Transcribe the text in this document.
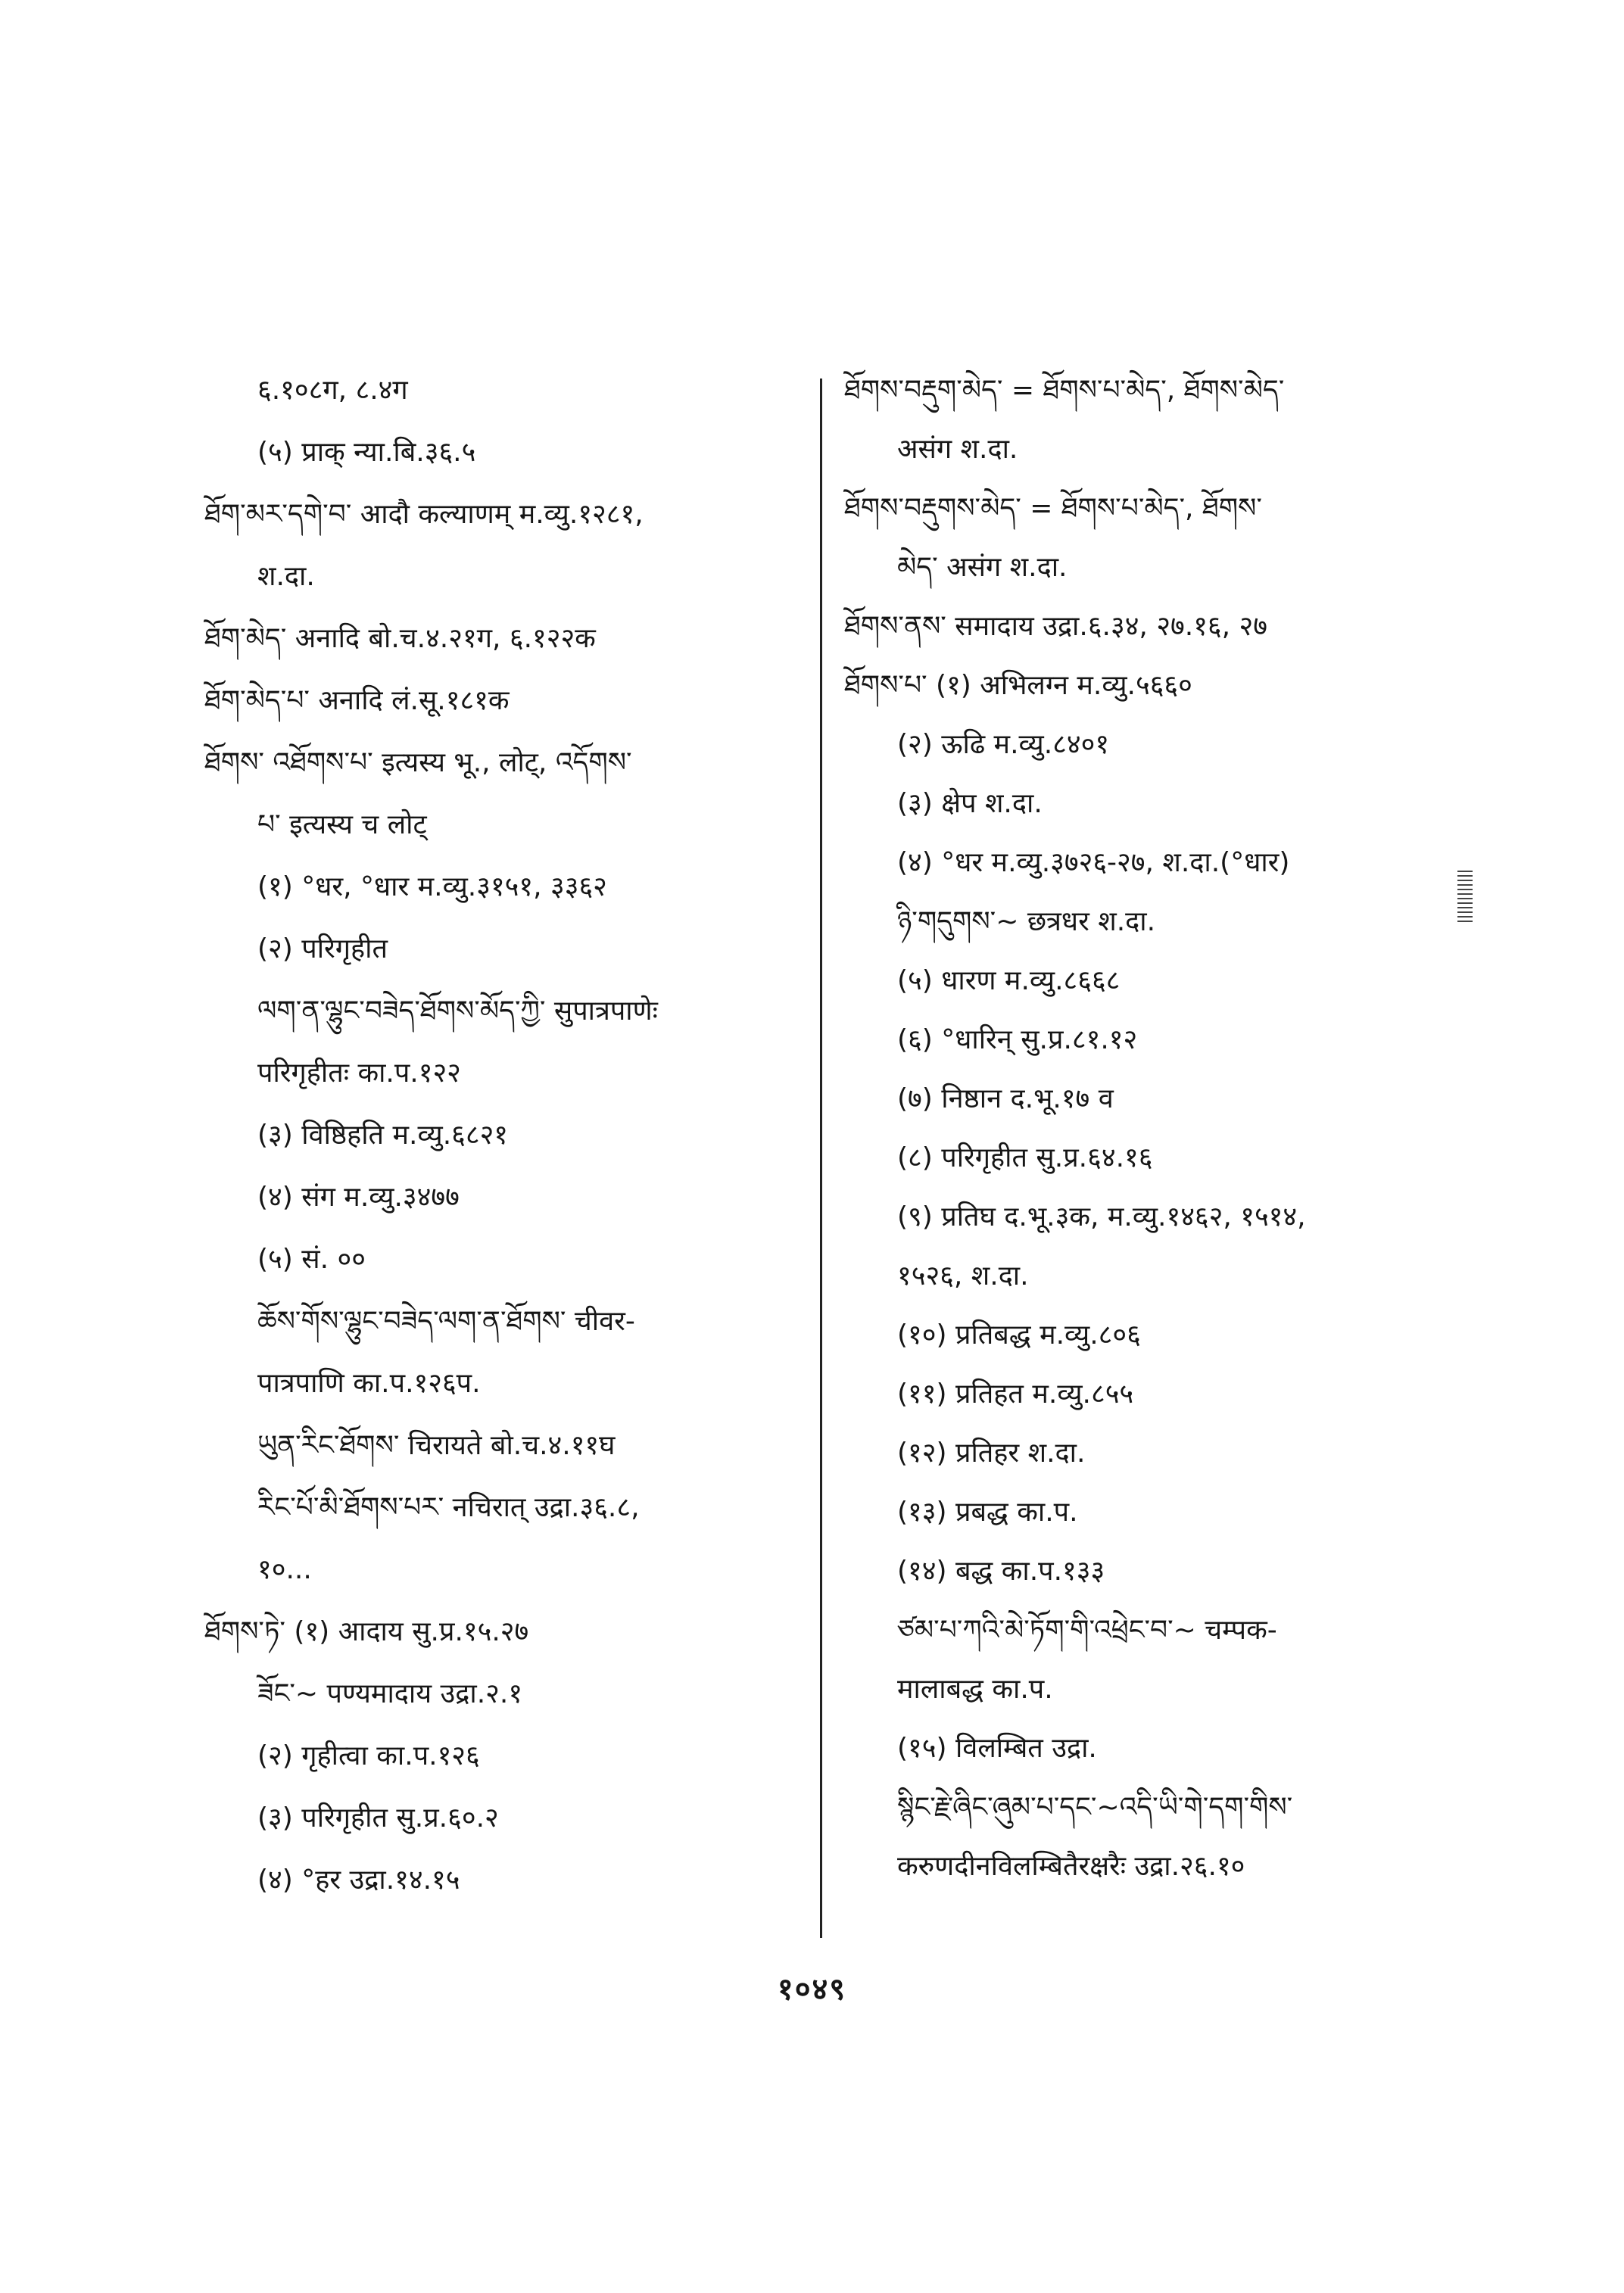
६.१०८ग, ८.४ग
(५) प्राक् न्या.बि.३६.५
ཐོག་མར་དགེ་བ་ आदौ कल्याणम् म.व्यु.१२८१,
श.दा.
ཐོག་མེད་ अनादि बो.च.४.२१ग, ६.१२२क
ཐོག་མེད་པ་ अनादि लं.सू.१८१क
ཐོགས་ འཐོགས་པ་ इत्यस्य भू., लोट्, འདོགས་
པ་ इत्यस्य च लोट्
(१) °धर, °धार म.व्यु.३१५१, ३३६२
(२) परिगृहीत
ལག་ན་ལྷུང་བཟེད་ཐོགས་མོད་ཀྱི་ सुपात्रपाणेः
परिगृहीतः का.प.१२२
(३) विष्ठिहति म.व्यु.६८२१
(४) संग म.व्यु.३४७७
(५) सं. ००
ཆོས་གོས་ལྷུང་བཟེད་ལག་ན་ཐོགས་ चीवर-
पात्रपाणि का.प.१२६प.
ཡུན་རིང་ཐོགས་ चिरायते बो.च.४.११घ
རིང་པོ་མི་ཐོགས་པར་ नचिरात् उद्रा.३६.८,
१०...
ཐོགས་ཏེ་ (१) आदाय सु.प्र.१५.२७
ཟོང་~ पण्यमादाय उद्रा.२.१
(२) गृहीत्वा का.प.१२६
(३) परिगृहीत सु.प्र.६०.२
(४) °हर उद्रा.१४.१५
ཐོགས་བརྡུག་མེད་ = ཐོགས་པ་མེད་, ཐོགས་མེད་
असंग श.दा.
ཐོགས་བརྡུགས་མེད་ = ཐོགས་པ་མེད་, ཐོགས་
མེད་ असंग श.दा.
ཐོགས་ནས་ समादाय उद्रा.६.३४, २७.१६, २७
ཐོགས་པ་ (१) अभिलग्न म.व्यु.५६६०
(२) ऊढि म.व्यु.८४०१
(३) क्षेप श.दा.
(४) °धर म.व्यु.३७२६-२७, श.दा.(°धार)
ཉི་གདུགས་~ छत्रधर श.दा.
(५) धारण म.व्यु.८६६८
(६) °धारिन् सु.प्र.८१.१२
(७) निष्ठान द.भू.१७ व
(८) परिगृहीत सु.प्र.६४.१६
(९) प्रतिघ द.भू.३क, म.व्यु.१४६२, १५१४,
१५२६, श.दा.
(१०) प्रतिबद्ध म.व्यु.८०६
(११) प्रतिहत म.व्यु.८५५
(१२) प्रतिहर श.दा.
(१३) प्रबद्ध का.प.
(१४) बद्ध का.प.१३३
ཙམ་པ་ཀའི་མེ་ཏོག་གི་འཕྲེང་བ་~ चम्पक-
मालाबद्ध का.प.
(१५) विलम्बित उद्रा.
སྙིང་རྗེ་ཞིང་ཞུམ་པ་དང་~འདི་ཡི་གེ་དག་གིས་
करुणदीनविलम्बितैरक्षरैः उद्रा.२६.१०
१०४९
